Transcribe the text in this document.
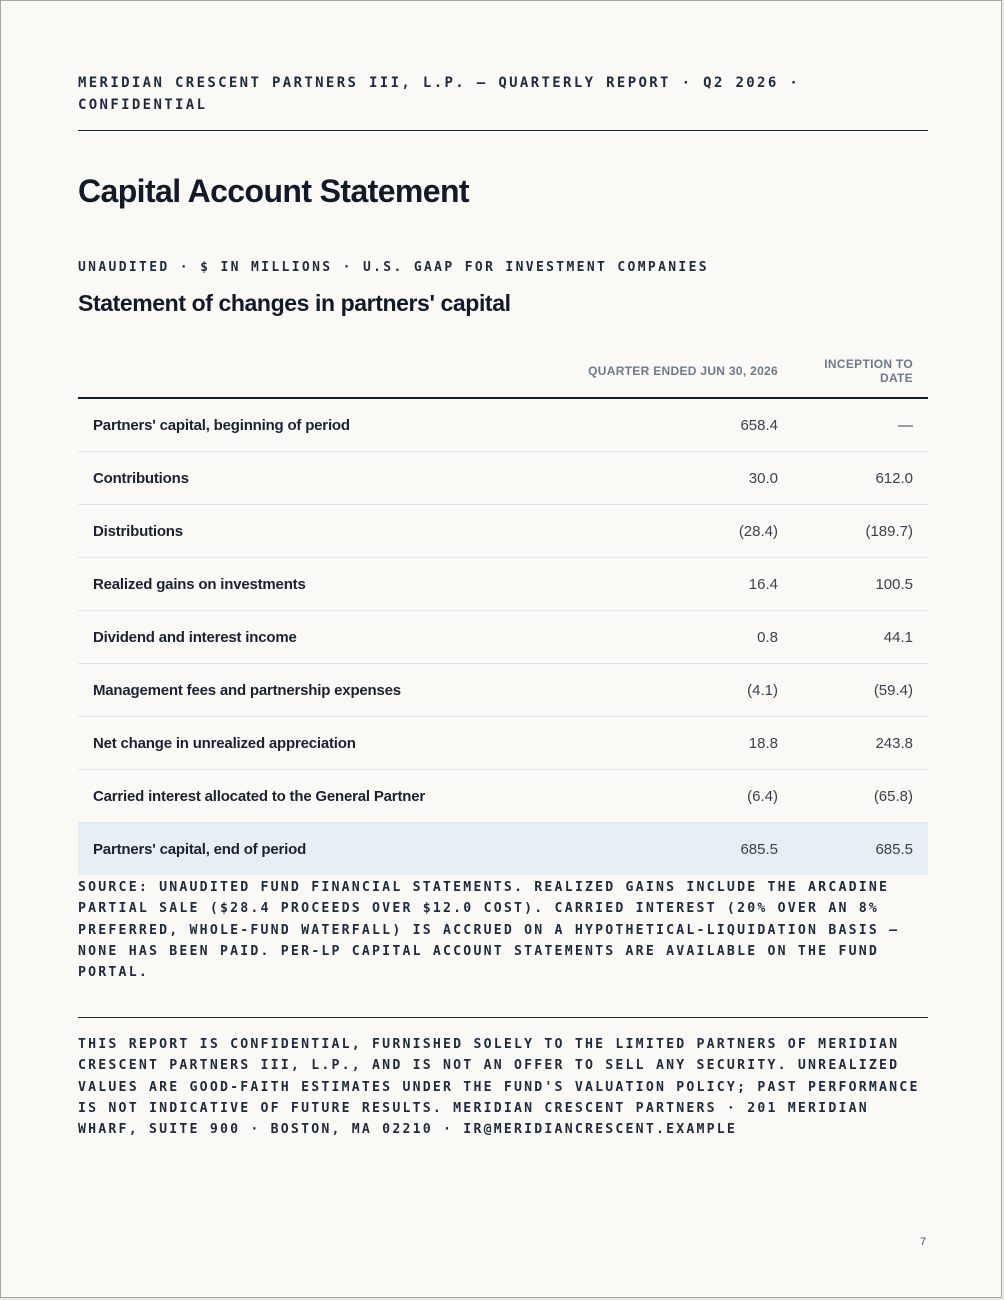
MERIDIAN CRESCENT PARTNERS III, L.P. — QUARTERLY REPORT · Q2 2026 · CONFIDENTIAL
Capital Account Statement
UNAUDITED · $ IN MILLIONS · U.S. GAAP FOR INVESTMENT COMPANIES
Statement of changes in partners' capital
	QUARTER ENDED JUN 30, 2026	INCEPTION TO DATE
Partners' capital, beginning of period	658.4	—
Contributions	30.0	612.0
Distributions	(28.4)	(189.7)
Realized gains on investments	16.4	100.5
Dividend and interest income	0.8	44.1
Management fees and partnership expenses	(4.1)	(59.4)
Net change in unrealized appreciation	18.8	243.8
Carried interest allocated to the General Partner	(6.4)	(65.8)
Partners' capital, end of period	685.5	685.5
SOURCE: UNAUDITED FUND FINANCIAL STATEMENTS. REALIZED GAINS INCLUDE THE ARCADINE PARTIAL SALE ($28.4 PROCEEDS OVER $12.0 COST). CARRIED INTEREST (20% OVER AN 8% PREFERRED, WHOLE-FUND WATERFALL) IS ACCRUED ON A HYPOTHETICAL-LIQUIDATION BASIS — NONE HAS BEEN PAID. PER-LP CAPITAL ACCOUNT STATEMENTS ARE AVAILABLE ON THE FUND PORTAL.
THIS REPORT IS CONFIDENTIAL, FURNISHED SOLELY TO THE LIMITED PARTNERS OF MERIDIAN CRESCENT PARTNERS III, L.P., AND IS NOT AN OFFER TO SELL ANY SECURITY. UNREALIZED VALUES ARE GOOD-FAITH ESTIMATES UNDER THE FUND'S VALUATION POLICY; PAST PERFORMANCE IS NOT INDICATIVE OF FUTURE RESULTS. MERIDIAN CRESCENT PARTNERS · 201 MERIDIAN WHARF, SUITE 900 · BOSTON, MA 02210 · IR@MERIDIANCRESCENT.EXAMPLE
7
